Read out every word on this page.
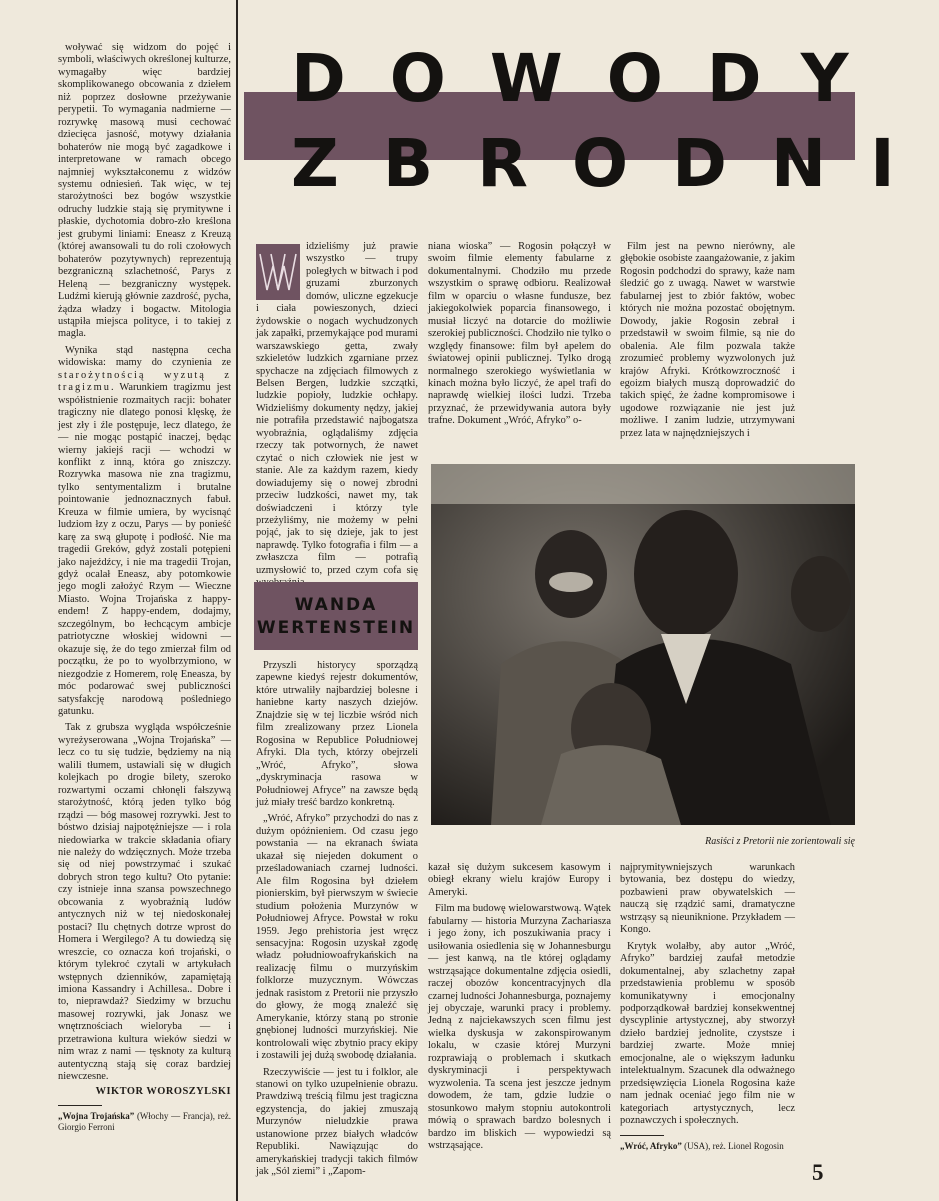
woływać się widzom do pojęć i symboli, właściwych określonej kulturze, wymagałby więc bardziej skomplikowanego obcowania z dziełem niż poprzez dosłowne przeżywanie perypetii. To wymagania nadmierne — rozrywkę masową musi cechować dziecięca jasność, motywy działania bohaterów nie mogą być zagadkowe i interpretowane w ramach obcego najmniej wykształconemu z widzów systemu odniesień. Tak więc, w tej starożytności bez bogów wszystkie odruchy ludzkie stają się prymitywne i płaskie, dychotomia dobro-zło kreślona jest grubymi liniami: Eneasz z Kreuzą (której awansowali tu do roli czołowych bohaterów pozytywnych) reprezentują bezgraniczną szlachetność, Parys z Heleną — bezgraniczny występek. Ludźmi kierują głównie zazdrość, pycha, żądza władzy i bogactw. Mitologia ustąpiła miejsca polityce, i to takiej z magla.

Wynika stąd następna cecha widowiska: mamy do czynienia ze starożytnością wyzutą z tragizmu. Warunkiem tragizmu jest współistnienie rozmaitych racji: bohater tragiczny nie dlatego ponosi klęskę, że jest zły i źle postępuje, lecz dlatego, że — nie mogąc postąpić inaczej, będąc wierny jakiejś racji — wchodzi w konflikt z inną, która go zniszczy. Rozrywka masowa nie zna tragizmu, tylko sentymentalizm i brutalne pointowanie jednoznacznych fabuł. Kreuza w filmie umiera, by wycisnąć ludziom łzy z oczu, Parys — by ponieść karę za swą głupotę i podłość. Nie ma tragedii Greków, gdyż zostali potępieni jako najeźdźcy, i nie ma tragedii Trojan, gdyż ocalał Eneasz, aby potomkowie jego mogli założyć Rzym — Wieczne Miasto. Wojna Trojańska z happy-endem! Z happy-endem, dodajmy, szczególnym, bo łechcącym ambicje patriotyczne włoskiej widowni — okazuje się, że do tego zmierzał film od początku, że po to wyolbrzymiono, w niezgodzie z Homerem, rolę Eneasza, by móc podarować swej publiczności satysfakcję narodową pośledniego gatunku.

Tak z grubsza wygląda współcześnie wyreżyserowana „Wojna Trojańska” — lecz co tu się tudzie, będziemy na nią walili tłumem, ustawiali się w długich kolejkach po drogie bilety, szeroko rozwartymi oczami chłonęli fałszywą starożytność, którą jeden tylko bóg rządzi — bóg masowej rozrywki. Jest to bóstwo dzisiaj najpotężniejsze — i rola niedowiarka w trakcie składania ofiary nie należy do wdzięcznych. Może trzeba się od niej powstrzymać i szukać dobrych stron tego kultu? Oto pytanie: czy istnieje inna szansa powszechnego obcowania z wyobraźnią ludów antycznych niż w tej niedoskonałej postaci? Ilu chętnych dotrze wprost do Homera i Wergilego? A tu dowiedzą się wreszcie, co oznacza koń trojański, o którym tylekroć czytali w artykułach wstępnych dzienników, zapamiętają imiona Kassandry i Achillesa.. Dobre i to, nieprawdaż? Siedzimy w brzuchu masowej rozrywki, jak Jonasz we wnętrznościach wieloryba — i przetrawiona kultura wieków siedzi w nim wraz z nami — tęsknoty za kulturą autentyczną stają się coraz bardziej niewczesne.

WIKTOR WOROSZYLSKI
„Wojna Trojańska” (Włochy — Francja), reż. Giorgio Ferroni
DOWODY
ZBRODNI

idzieliśmy już prawie wszystko — trupy poległych w bitwach i pod gruzami zburzonych domów, uliczne egzekucje i ciała powieszonych, dzieci żydowskie o nogach wychudzonych jak zapałki, przemykające pod murami warszawskiego getta, zwały szkieletów ludzkich zgarniane przez spychacze na zdjęciach filmowych z Belsen Bergen, ludzkie szczątki, ludzkie popioły, ludzkie ochłapy. Widzieliśmy dokumenty nędzy, jakiej nie potrafiła przedstawić najbogatsza wyobraźnia, oglądaliśmy zdjęcia rzeczy tak potwornych, że nawet czytać o nich człowiek nie jest w stanie. Ale za każdym razem, kiedy dowiadujemy się o nowej zbrodni przeciw ludzkości, nawet my, tak doświadczeni i którzy tyle przeżyliśmy, nie możemy w pełni pojąć, jak to się dzieje, jak to jest naprawdę. Tylko fotografia i film — a zwłaszcza film — potrafią uzmysłowić to, przed czym cofa się

WANDA
WERTENSTEIN

Przyszli historycy sporządzą zapewne kiedyś rejestr dokumentów, które utrwaliły najbardziej bolesne i haniebne karty naszych dziejów. Znajdzie się w tej liczbie wśród nich film zrealizowany przez Lionela Rogosina w Republice Południowej Afryki. Dla tych, którzy obejrzeli „Wróć, Afryko”, słowa „dyskryminacja rasowa w Południowej Afryce” na zawsze będą już miały treść bardzo konkretną.

„Wróć, Afryko” przychodzi do nas z dużym opóźnieniem. Od czasu jego powstania — na ekranach świata ukazał się niejeden dokument o prześladowaniach czarnej ludności. Ale film Rogosina był dziełem pionierskim, był pierwszym w świecie studium położenia Murzynów w Południowej Afryce. Powstał w roku 1959. Jego prehistoria jest wręcz sensacyjna: Rogosin uzyskał zgodę władz południowoafrykańskich na realizację filmu o murzyńskim folklorze muzycznym. Wówczas jednak rasistom z Pretorii nie przyszło do głowy, że mogą znaleźć się Amerykanie, którzy staną po stronie gnębionej ludności murzyńskiej. Nie kontrolowali więc zbytnio pracy ekipy i zostawili jej dużą swobodę działania.

Rzeczywiście — jest tu i folklor, ale stanowi on tylko uzupełnienie obrazu. Prawdziwą treścią filmu jest tragiczna egzystencja, do jakiej zmuszają Murzynów nieludzkie prawa ustanowione przez białych władców Republiki. Nawiązując do amerykańskiej tradycji takich filmów jak „Sól ziemi” i „Zapom-

niana wioska” — Rogosin połączył w swoim filmie elementy fabularne z dokumentalnymi. Chodziło mu przede wszystkim o sprawę odbioru. Realizował film w oparciu o własne fundusze, bez jakiegokolwiek poparcia finansowego, i musiał liczyć na dotarcie do możliwie szerokiej publiczności. Chodziło nie tylko o względy finansowe: film był apelem do światowej opinii publicznej. Tylko drogą normalnego szerokiego wyświetlania w kinach można było liczyć, że apel trafi do naprawdę wielkiej ilości ludzi. Trzeba przyznać, że przewidywania autora były trafne. Dokument „Wróć, Afryko” o-

Film jest na pewno nierówny, ale głębokie osobiste zaangażowanie, z jakim Rogosin podchodzi do sprawy, każe nam śledzić go z uwagą. Nawet w warstwie fabularnej jest to zbiór faktów, wobec których nie można pozostać obojętnym. Dowody, jakie Rogosin zebrał i przedstawił w swoim filmie, są nie do obalenia. Ale film pozwala także zrozumieć problemy wyzwolonych już krajów Afryki. Krótkowzroczność i egoizm białych muszą doprowadzić do takich spięć, że żadne kompromisowe i ugodowe rozwiązanie nie jest już możliwe. I zanim ludzie, utrzymywani przez lata w najnędzniejszych i

Rasiści z Pretorii nie zorientowali się

kazał się dużym sukcesem kasowym i obiegł ekrany wielu krajów Europy i Ameryki.

Film ma budowę wielowarstwową. Wątek fabularny — historia Murzyna Zachariasza i jego żony, ich poszukiwania pracy i usiłowania osiedlenia się w Johannesburgu — jest kanwą, na tle której oglądamy wstrząsające dokumentalne zdjęcia osiedli, raczej obozów koncentracyjnych dla czarnej ludności Johannesburga, poznajemy jej obyczaje, warunki pracy i problemy. Jedną z najciekawszych scen filmu jest wielka dyskusja w zakonspirowanym lokalu, w czasie której Murzyni rozprawiają o problemach i skutkach dyskryminacji i perspektywach wyzwolenia. Ta scena jest jeszcze jednym dowodem, że tam, gdzie ludzie o stosunkowo małym stopniu autokontroli mówią o sprawach bardzo bolesnych i bardzo im bliskich — wypowiedzi są wstrząsające.

najprymitywniejszych warunkach bytowania, bez dostępu do wiedzy, pozbawieni praw obywatelskich — nauczą się rządzić sami, dramatyczne wstrząsy są nieuniknione. Przykładem — Kongo.

Krytyk wolałby, aby autor „Wróć, Afryko” bardziej zaufał metodzie dokumentalnej, aby szlachetny zapał przedstawienia problemu w sposób komunikatywny i emocjonalny podporządkował bardziej konsekwentnej dyscyplinie artystycznej, aby stworzył dzieło bardziej jednolite, czystsze i bardziej zwarte. Może mniej emocjonalne, ale o większym ładunku intelektualnym. Szacunek dla odważnego przedsięwzięcia Lionela Rogosina każe nam jednak oceniać jego film nie w kategoriach artystycznych, lecz poznawczych i społecznych.

„Wróć, Afryko” (USA), reż. Lionel Rogosin
5
